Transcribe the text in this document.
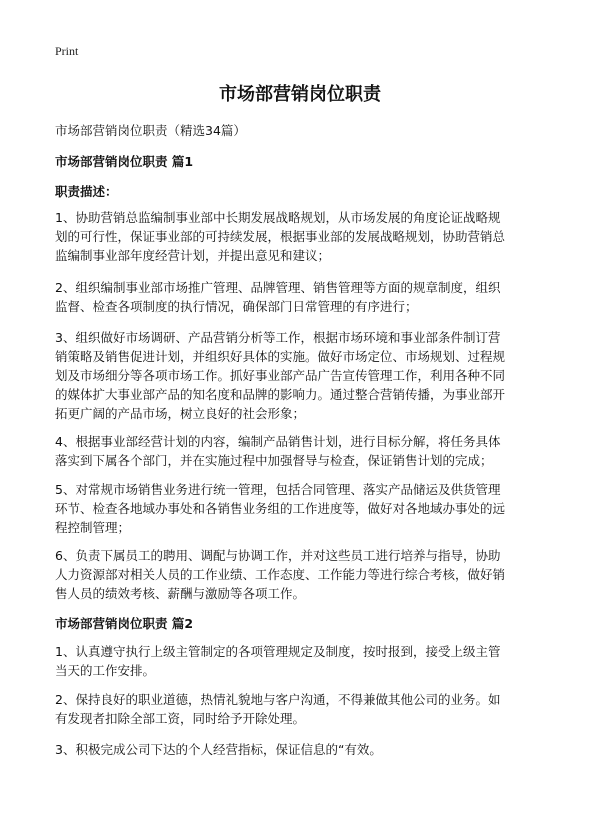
Print
市场部营销岗位职责
市场部营销岗位职责（精选34篇）
市场部营销岗位职责 篇1
职责描述：
1、协助营销总监编制事业部中长期发展战略规划，从市场发展的角度论证战略规
划的可行性，保证事业部的可持续发展，根据事业部的发展战略规划，协助营销总
监编制事业部年度经营计划，并提出意见和建议；
2、组织编制事业部市场推广管理、品牌管理、销售管理等方面的规章制度，组织
监督、检查各项制度的执行情况，确保部门日常管理的有序进行；
3、组织做好市场调研、产品营销分析等工作，根据市场环境和事业部条件制订营
销策略及销售促进计划，并组织好具体的实施。做好市场定位、市场规划、过程规
划及市场细分等各项市场工作。抓好事业部产品广告宣传管理工作，利用各种不同
的媒体扩大事业部产品的知名度和品牌的影响力。通过整合营销传播，为事业部开
拓更广阔的产品市场，树立良好的社会形象；
4、根据事业部经营计划的内容，编制产品销售计划，进行目标分解，将任务具体
落实到下属各个部门，并在实施过程中加强督导与检查，保证销售计划的完成；
5、对常规市场销售业务进行统一管理，包括合同管理、落实产品储运及供货管理
环节、检查各地域办事处和各销售业务组的工作进度等，做好对各地域办事处的远
程控制管理；
6、负责下属员工的聘用、调配与协调工作，并对这些员工进行培养与指导，协助
人力资源部对相关人员的工作业绩、工作态度、工作能力等进行综合考核，做好销
售人员的绩效考核、薪酬与激励等各项工作。
市场部营销岗位职责 篇2
1、认真遵守执行上级主管制定的各项管理规定及制度，按时报到，接受上级主管
当天的工作安排。
2、保持良好的职业道德，热情礼貌地与客户沟通，不得兼做其他公司的业务。如
有发现者扣除全部工资，同时给予开除处理。
3、积极完成公司下达的个人经营指标，保证信息的“有效。
